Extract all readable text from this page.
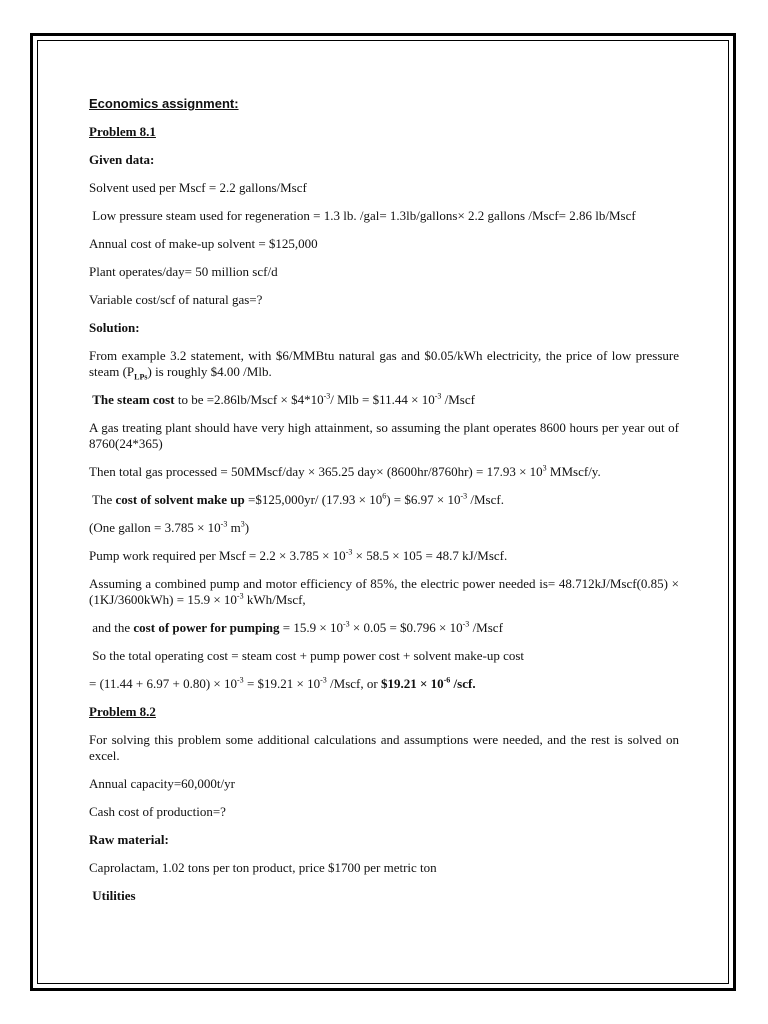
Economics assignment:

Problem 8.1

Given data:

Solvent used per Mscf = 2.2 gallons/Mscf

Low pressure steam used for regeneration = 1.3 lb. /gal= 1.3lb/gallons× 2.2 gallons /Mscf= 2.86 lb/Mscf

Annual cost of make-up solvent = $125,000

Plant operates/day= 50 million scf/d

Variable cost/scf of natural gas=?

Solution:

From example 3.2 statement, with $6/MMBtu natural gas and $0.05/kWh electricity, the price of low pressure steam $(P_{LPs})$ is roughly $4.00 /Mlb.

The steam cost to be =2.86lb/Mscf × $\$4*10^{-3}/$ Mlb = $11.44 × $10^{-3}$ /Mscf

A gas treating plant should have very high attainment, so assuming the plant operates 8600 hours per year out of 8760(24*365)

Then total gas processed = 50MMscf/day × 365.25 $day\times (8600hr/8760hr) = 17.93 \times 10^3$ MMscf/y.

The cost of solvent make up =$125,000yr/ $(17.93 \times 10^6)$ = $6.97 × $10^{-3}$ /Mscf.

(One gallon = $3.785 \times 10^{-3}$ $m^3$)

Pump work required per Mscf = $2.2 \times 3.785 \times 10^{-3} \times 58.5 \times 105 = 48.7$ kJ/Mscf.

Assuming a combined pump and motor efficiency of 85%, the electric power needed is= 48.712kJ/Mscf(0.85) × $(1KJ/3600kWh) = 15.9 \times 10^{-3}$ kWh/Mscf,

and the cost of power for pumping = $15.9 \times 10^{-3} \times 0.05$ = $0.796 × $10^{-3}$ /Mscf

So the total operating cost = steam cost + pump power cost + solvent make-up cost

= $(11.44 + 6.97 + 0.80) \times 10^{-3}$ = $19.21 × $10^{-3}$ /Mscf, or $19.21 × $10^{-6}$ /scf.

Problem 8.2

For solving this problem some additional calculations and assumptions were needed, and the rest is solved on excel.

Annual capacity=60,000t/yr

Cash cost of production=?

Raw material:

Caprolactam, 1.02 tons per ton product, price $1700 per metric ton

Utilities
